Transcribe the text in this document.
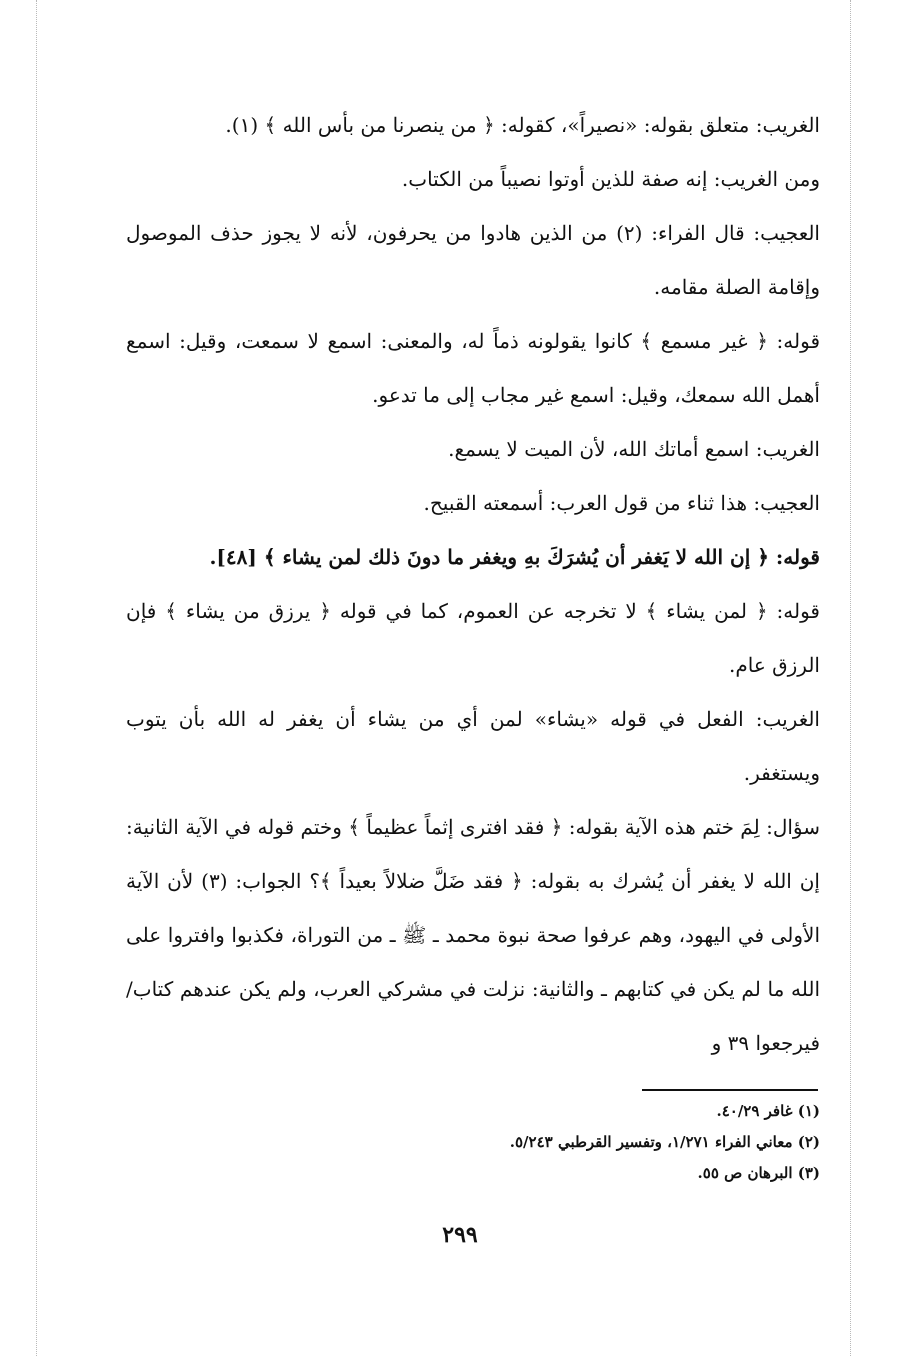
الغريب: متعلق بقوله: «نصيراً»، كقوله: ﴿ من ينصرنا من بأس الله ﴾ (١).

ومن الغريب: إنه صفة للذين أوتوا نصيباً من الكتاب.

العجيب: قال الفراء: (٢) من الذين هادوا من يحرفون، لأنه لا يجوز حذف الموصول وإقامة الصلة مقامه.

قوله: ﴿ غير مسمع ﴾ كانوا يقولونه ذماً له، والمعنى: اسمع لا سمعت، وقيل: اسمع أهمل الله سمعك، وقيل: اسمع غير مجاب إلى ما تدعو.

الغريب: اسمع أماتك الله، لأن الميت لا يسمع.

العجيب: هذا ثناء من قول العرب: أسمعته القبيح.

قوله: ﴿ إن الله لا يَغفر أن يُشرَكَ بهِ ويغفر ما دونَ ذلك لمن يشاء ﴾ [٤٨].

قوله: ﴿ لمن يشاء ﴾ لا تخرجه عن العموم، كما في قوله ﴿ يرزق من يشاء ﴾ فإن الرزق عام.

الغريب: الفعل في قوله «يشاء» لمن أي من يشاء أن يغفر له الله بأن يتوب ويستغفر.

سؤال: لِمَ ختم هذه الآية بقوله: ﴿ فقد افترى إثماً عظيماً ﴾ وختم قوله في الآية الثانية: إن الله لا يغفر أن يُشرك به بقوله: ﴿ فقد ضَلَّ ضلالاً بعيداً ﴾؟ الجواب: (٣) لأن الآية الأولى في اليهود، وهم عرفوا صحة نبوة محمد ـ ﷺ ـ من التوراة، فكذبوا وافتروا على الله ما لم يكن في كتابهم ـ والثانية: نزلت في مشركي العرب، ولم يكن عندهم كتاب/ فيرجعوا ٣٩ و

(١) غافر ٤٠/٢٩.

(٢) معاني الفراء ١/٢٧١، وتفسير القرطبي ٥/٢٤٣.

(٣) البرهان ص ٥٥.

٢٩٩
